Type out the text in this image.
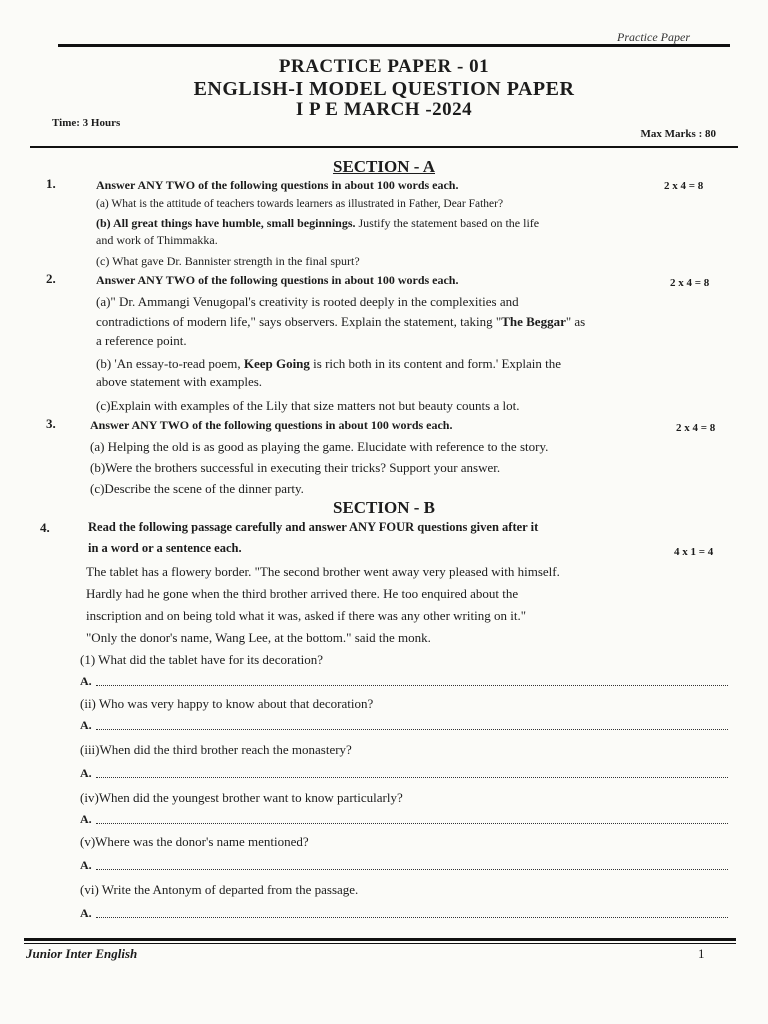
Practice Paper
PRACTICE PAPER - 01
ENGLISH-I MODEL QUESTION PAPER
I P E MARCH -2024
Time: 3 Hours
Max Marks : 80
SECTION - A
1.	Answer ANY TWO of the following questions in about 100 words each.	2 x 4 = 8
(a) What is the attitude of teachers towards learners as illustrated in Father, Dear Father?
(b) All great things have humble, small beginnings. Justify the statement based on the life
and work of Thimmakka.
(c) What gave Dr. Bannister strength in the final spurt?
2.	Answer ANY TWO of the following questions in about 100 words each.	2 x 4 = 8
(a)" Dr. Ammangi Venugopal's creativity is rooted deeply in the complexities and
contradictions of modern life," says observers. Explain the statement, taking "The Beggar" as
a reference point.
(b) 'An essay-to-read poem, Keep Going is rich both in its content and form.' Explain the
above statement with examples.
(c)Explain with examples of the Lily that size matters not but beauty counts a lot.
3.	Answer ANY TWO of the following questions in about 100 words each.	2 x 4 = 8
(a) Helping the old is as good as playing the game. Elucidate with reference to the story.
(b)Were the brothers successful in executing their tricks? Support your answer.
(c)Describe the scene of the dinner party.
SECTION - B
4.	Read the following passage carefully and answer ANY FOUR questions given after it
in a word or a sentence each.	4 x 1 = 4
The tablet has a flowery border. "The second brother went away very pleased with himself.
Hardly had he gone when the third brother arrived there. He too enquired about the
inscription and on being told what it was, asked if there was any other writing on it."
"Only the donor's name, Wang Lee, at the bottom." said the monk.
(1) What did the tablet have for its decoration?
A.
(ii) Who was very happy to know about that decoration?
A.
(iii)When did the third brother reach the monastery?
A.
(iv)When did the youngest brother want to know particularly?
A.
(v)Where was the donor's name mentioned?
A.
(vi) Write the Antonym of departed from the passage.
A.
Junior Inter English	1
